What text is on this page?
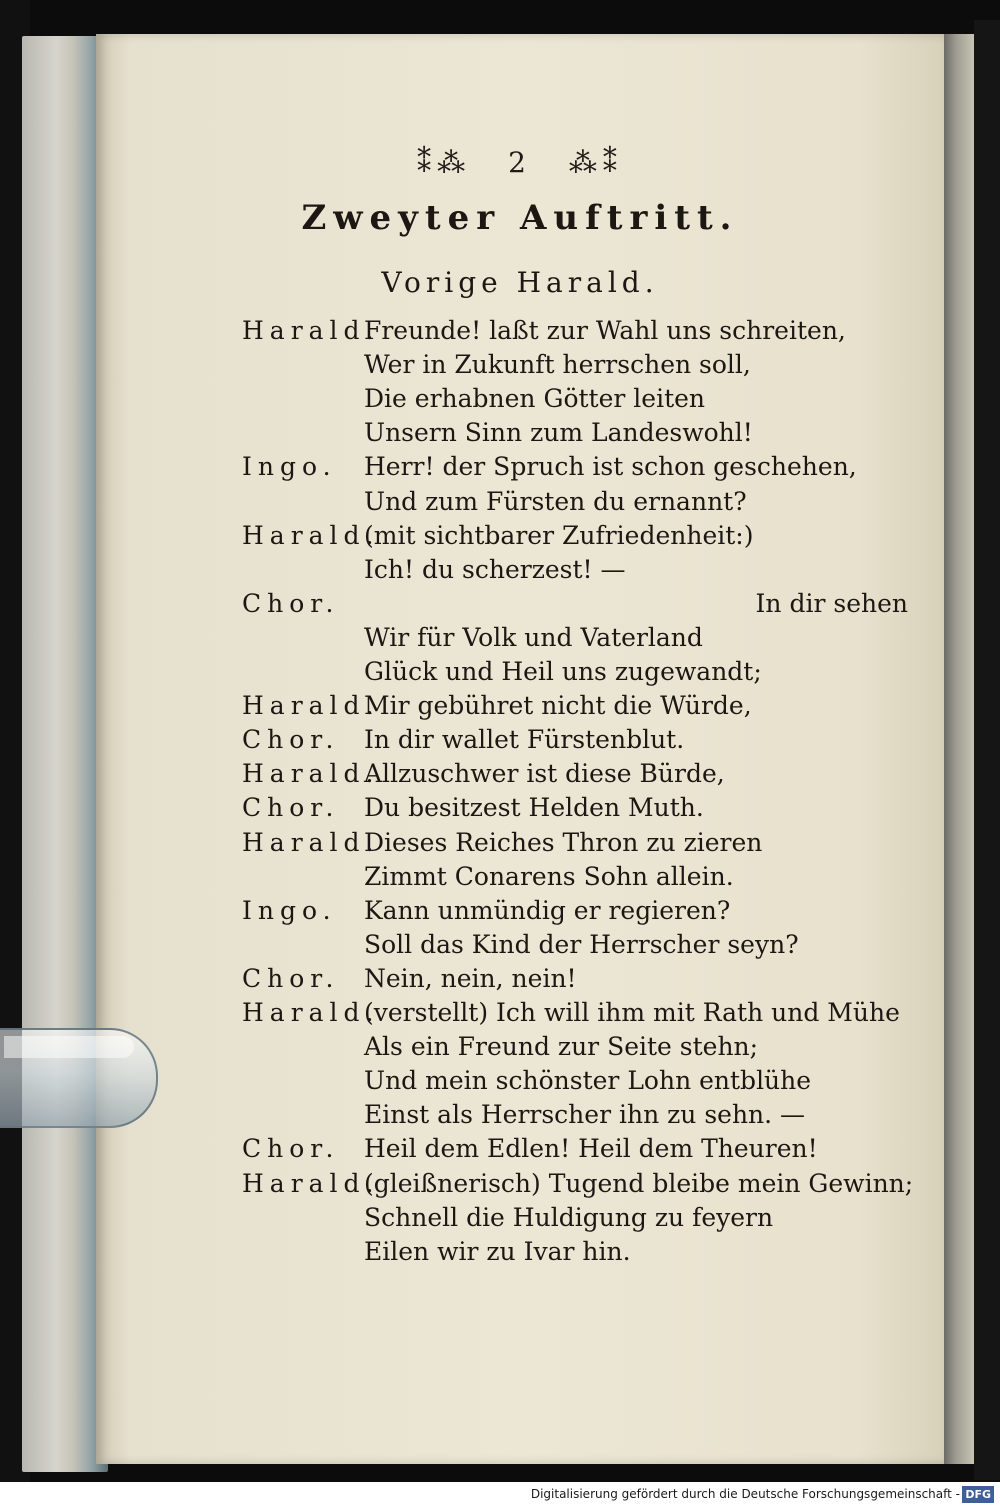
⁑⁂ 2 ⁂⁑
Zweyter Auftritt.
Vorige Harald.
Harald.
Freunde! laßt zur Wahl uns schreiten,
Wer in Zukunft herrschen soll,
Die erhabnen Götter leiten
Unsern Sinn zum Landeswohl!
Ingo. Herr! der Spruch ist schon geschehen,
Und zum Fürsten du ernannt?
Harald.
(mit sichtbarer Zufriedenheit:)
Ich! du scherzest! —
Chor.	In dir sehen
Wir für Volk und Vaterland
Glück und Heil uns zugewandt;
Harald.
Mir gebühret nicht die Würde,
Chor. In dir wallet Fürstenblut.
Harald.
Allzuschwer ist diese Bürde,
Chor. Du besitzest Helden Muth.
Harald.
Dieses Reiches Thron zu zieren
Zimmt Conarens Sohn allein.
Ingo. Kann unmündig er regieren?
Soll das Kind der Herrscher seyn?
Chor. Nein, nein, nein!
Harald.
(verstellt) Ich will ihm mit Rath und Mühe
Als ein Freund zur Seite stehn;
Und mein schönster Lohn entblühe
Einst als Herrscher ihn zu sehn. —
Chor. Heil dem Edlen! Heil dem Theuren!
Harald.
(gleißnerisch) Tugend bleibe mein Gewinn;
Schnell die Huldigung zu feyern
Eilen wir zu Ivar hin.
Digitalisierung gefördert durch die Deutsche Forschungsgemeinschaft - DFG
